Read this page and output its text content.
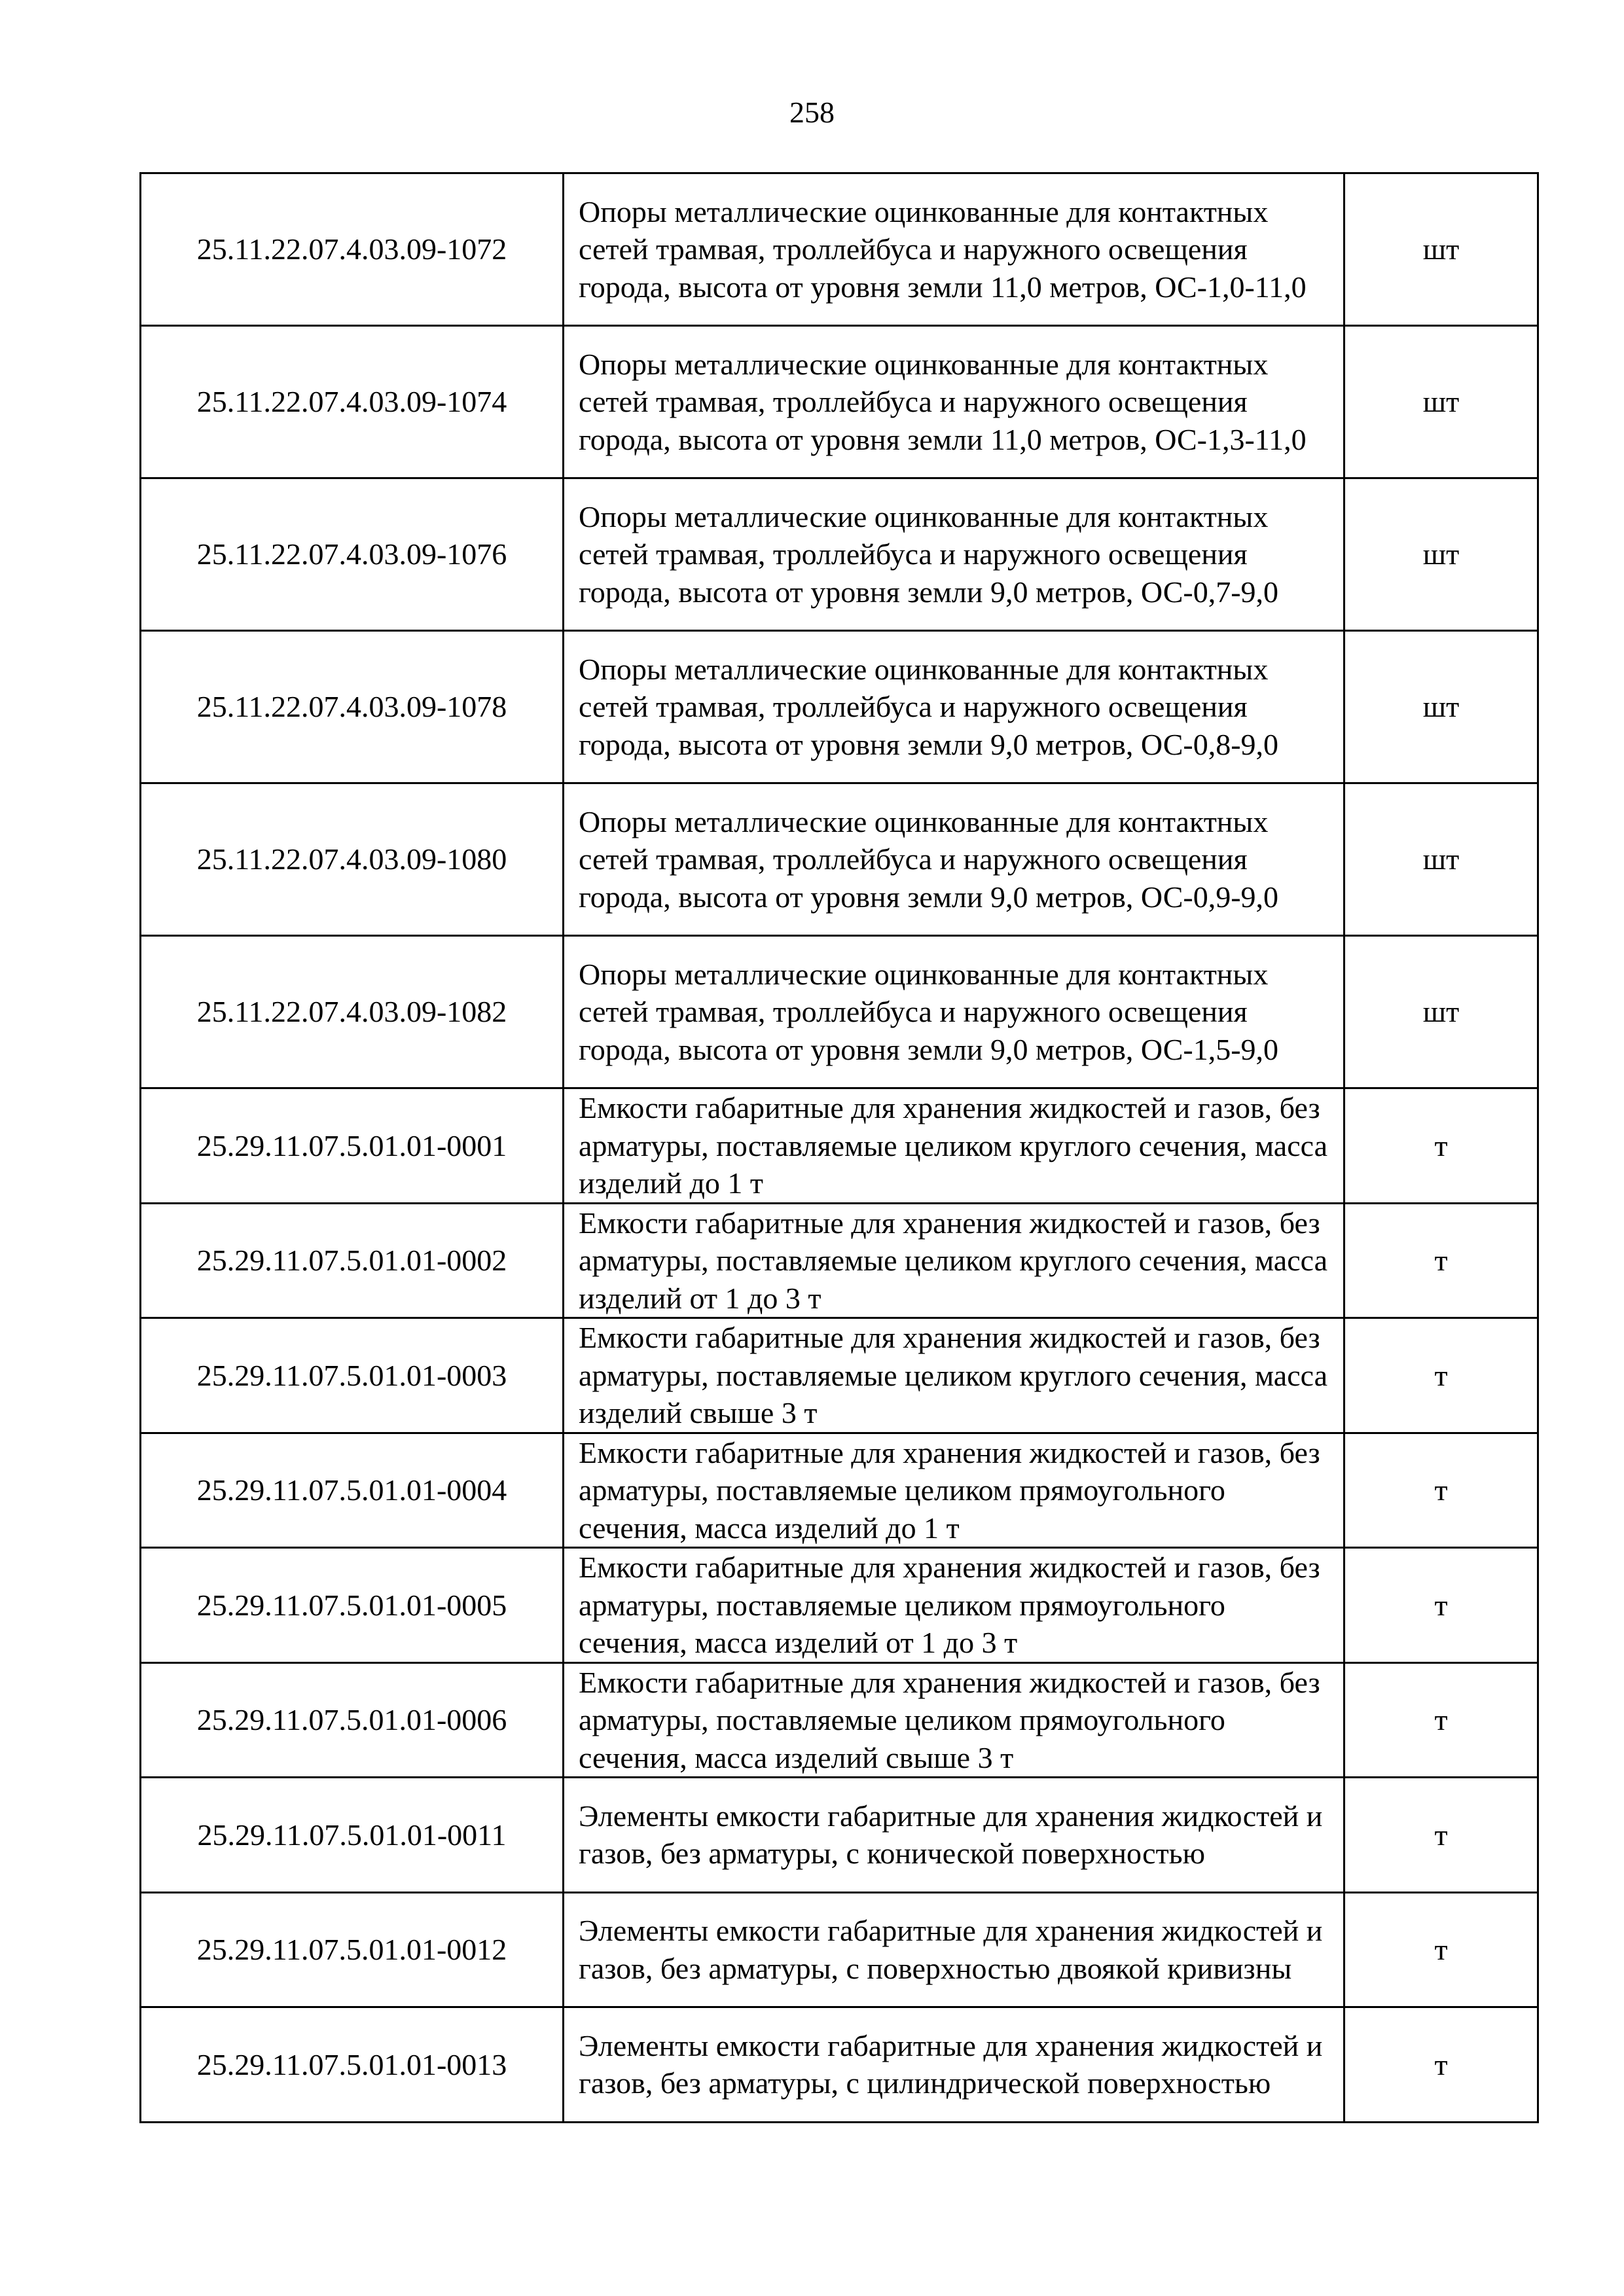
258
25.11.22.07.4.03.09-1072	Опоры металлические оцинкованные для контактных сетей трамвая, троллейбуса и наружного освещения города, высота от уровня земли 11,0 метров, ОС-1,0-11,0	шт
25.11.22.07.4.03.09-1074	Опоры металлические оцинкованные для контактных сетей трамвая, троллейбуса и наружного освещения города, высота от уровня земли 11,0 метров, ОС-1,3-11,0	шт
25.11.22.07.4.03.09-1076	Опоры металлические оцинкованные для контактных сетей трамвая, троллейбуса и наружного освещения города, высота от уровня земли 9,0 метров, ОС-0,7-9,0	шт
25.11.22.07.4.03.09-1078	Опоры металлические оцинкованные для контактных сетей трамвая, троллейбуса и наружного освещения города, высота от уровня земли 9,0 метров, ОС-0,8-9,0	шт
25.11.22.07.4.03.09-1080	Опоры металлические оцинкованные для контактных сетей трамвая, троллейбуса и наружного освещения города, высота от уровня земли 9,0 метров, ОС-0,9-9,0	шт
25.11.22.07.4.03.09-1082	Опоры металлические оцинкованные для контактных сетей трамвая, троллейбуса и наружного освещения города, высота от уровня земли 9,0 метров, ОС-1,5-9,0	шт
25.29.11.07.5.01.01-0001	Емкости габаритные для хранения жидкостей и газов, без арматуры, поставляемые целиком круглого сечения, масса изделий до 1 т	т
25.29.11.07.5.01.01-0002	Емкости габаритные для хранения жидкостей и газов, без арматуры, поставляемые целиком круглого сечения, масса изделий от 1 до 3 т	т
25.29.11.07.5.01.01-0003	Емкости габаритные для хранения жидкостей и газов, без арматуры, поставляемые целиком круглого сечения, масса изделий свыше 3 т	т
25.29.11.07.5.01.01-0004	Емкости габаритные для хранения жидкостей и газов, без арматуры, поставляемые целиком прямоугольного сечения, масса изделий до 1 т	т
25.29.11.07.5.01.01-0005	Емкости габаритные для хранения жидкостей и газов, без арматуры, поставляемые целиком прямоугольного сечения, масса изделий от 1 до 3 т	т
25.29.11.07.5.01.01-0006	Емкости габаритные для хранения жидкостей и газов, без арматуры, поставляемые целиком прямоугольного сечения, масса изделий свыше 3 т	т
25.29.11.07.5.01.01-0011	Элементы емкости габаритные для хранения жидкостей и газов, без арматуры, с конической поверхностью	т
25.29.11.07.5.01.01-0012	Элементы емкости габаритные для хранения жидкостей и газов, без арматуры, с поверхностью двоякой кривизны	т
25.29.11.07.5.01.01-0013	Элементы емкости габаритные для хранения жидкостей и газов, без арматуры, с цилиндрической поверхностью	т
